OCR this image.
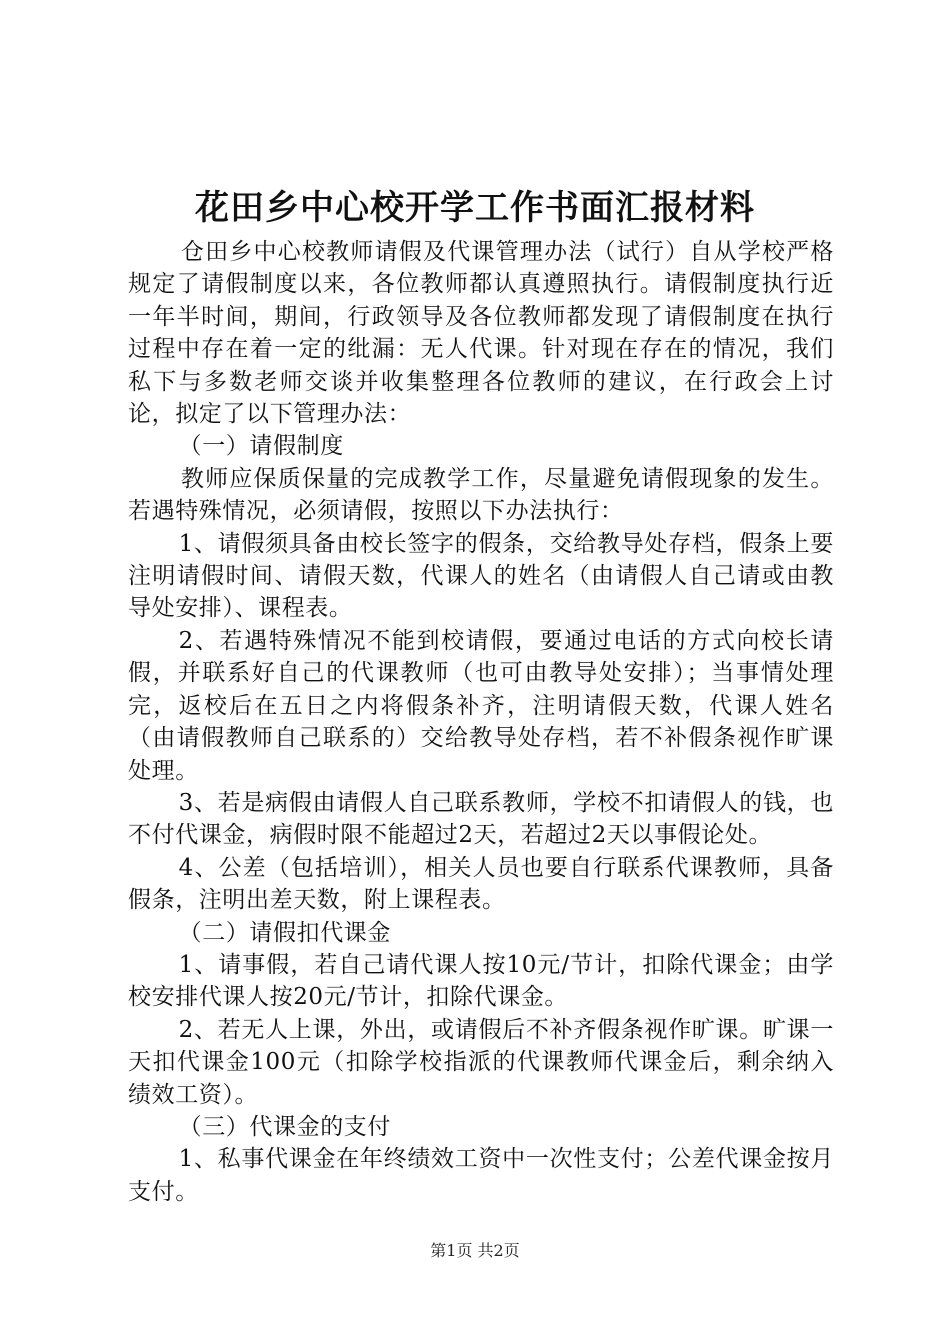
花田乡中心校开学工作书面汇报材料

仓田乡中心校教师请假及代课管理办法（试行）自从学校严格规定了请假制度以来，各位教师都认真遵照执行。请假制度执行近一年半时间，期间，行政领导及各位教师都发现了请假制度在执行过程中存在着一定的纰漏：无人代课。针对现在存在的情况，我们私下与多数老师交谈并收集整理各位教师的建议，在行政会上讨论，拟定了以下管理办法：

（一）请假制度

教师应保质保量的完成教学工作，尽量避免请假现象的发生。若遇特殊情况，必须请假，按照以下办法执行：

1、请假须具备由校长签字的假条，交给教导处存档，假条上要注明请假时间、请假天数，代课人的姓名（由请假人自己请或由教导处安排）、课程表。

2、若遇特殊情况不能到校请假，要通过电话的方式向校长请假，并联系好自己的代课教师（也可由教导处安排）；当事情处理完，返校后在五日之内将假条补齐，注明请假天数，代课人姓名（由请假教师自己联系的）交给教导处存档，若不补假条视作旷课处理。

3、若是病假由请假人自己联系教师，学校不扣请假人的钱，也不付代课金，病假时限不能超过2天，若超过2天以事假论处。

4、公差（包括培训），相关人员也要自行联系代课教师，具备假条，注明出差天数，附上课程表。

（二）请假扣代课金

1、请事假，若自己请代课人按10元/节计，扣除代课金；由学校安排代课人按20元/节计，扣除代课金。

2、若无人上课，外出，或请假后不补齐假条视作旷课。旷课一天扣代课金100元（扣除学校指派的代课教师代课金后，剩余纳入绩效工资）。

（三）代课金的支付

1、私事代课金在年终绩效工资中一次性支付；公差代课金按月支付。

第1页 共2页
